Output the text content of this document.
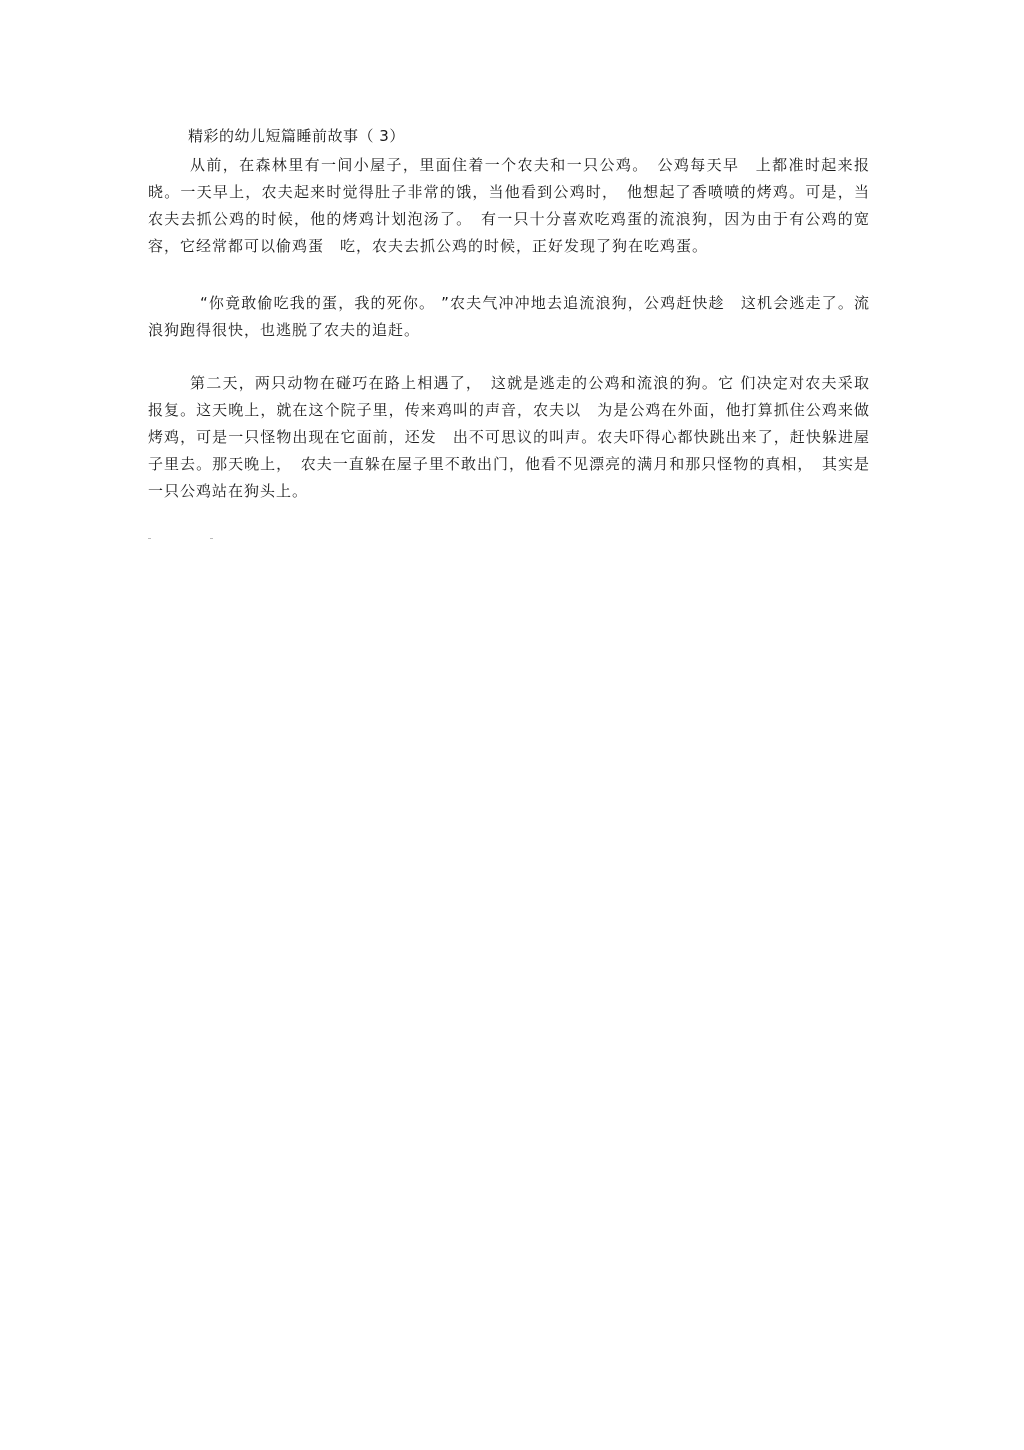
精彩的幼儿短篇睡前故事（ 3）
从前，在森林里有一间小屋子，里面住着一个农夫和一只公鸡。　公鸡每天早　上都准时起来报晓。一天早上，农夫起来时觉得肚子非常的饿，当他看到公鸡时，　他想起了香喷喷的烤鸡。可是，当农夫去抓公鸡的时候，他的烤鸡计划泡汤了。　有一只十分喜欢吃鸡蛋的流浪狗，因为由于有公鸡的宽容，它经常都可以偷鸡蛋　吃，农夫去抓公鸡的时候，正好发现了狗在吃鸡蛋。
“你竟敢偷吃我的蛋，我的死你。 ”农夫气冲冲地去追流浪狗，公鸡赶快趁　这机会逃走了。流浪狗跑得很快，也逃脱了农夫的追赶。
第二天，两只动物在碰巧在路上相遇了，　这就是逃走的公鸡和流浪的狗。它 们决定对农夫采取报复。这天晚上，就在这个院子里，传来鸡叫的声音，农夫以　为是公鸡在外面，他打算抓住公鸡来做烤鸡，可是一只怪物出现在它面前，还发　出不可思议的叫声。农夫吓得心都快跳出来了，赶快躲进屋子里去。那天晚上，　农夫一直躲在屋子里不敢出门，他看不见漂亮的满月和那只怪物的真相，　其实是 一只公鸡站在狗头上。
